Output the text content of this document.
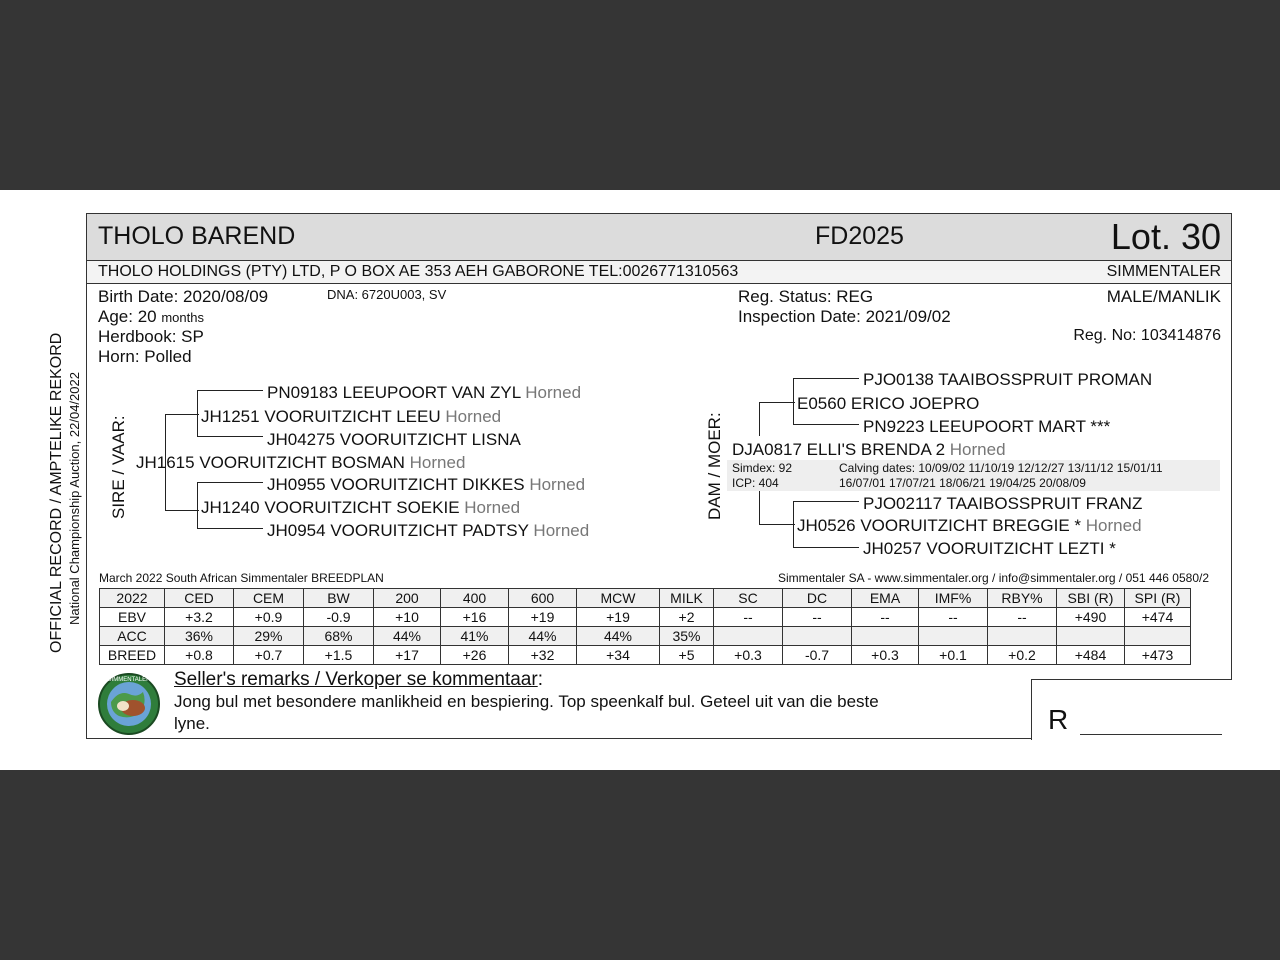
OFFICIAL RECORD / AMPTELIKE REKORD National Championship Auction, 22/04/2022
THOLO BAREND	FD2025	Lot. 30
THOLO HOLDINGS (PTY) LTD, P O BOX AE 353 AEH GABORONE TEL:0026771310563	SIMMENTALER
Birth Date: 2020/08/09	DNA: 6720U003, SV
Age: 20 months
Herdbook: SP
Horn: Polled
Reg. Status: REG
Inspection Date: 2021/09/02
MALE/MANLIK
Reg. No: 103414876
SIRE / VAAR:
PN09183 LEEUPOORT VAN ZYL Horned
JH1251 VOORUITZICHT LEEU Horned
JH04275 VOORUITZICHT LISNA
JH1615 VOORUITZICHT BOSMAN Horned
JH0955 VOORUITZICHT DIKKES Horned
JH1240 VOORUITZICHT SOEKIE Horned
JH0954 VOORUITZICHT PADTSY Horned
DAM / MOER:
PJO0138 TAAIBOSSPRUIT PROMAN
E0560 ERICO JOEPRO
PN9223 LEEUPOORT MART ***
DJA0817 ELLI'S BRENDA 2 Horned
Simdex: 92
ICP: 404
Calving dates: 10/09/02 11/10/19 12/12/27 13/11/12 15/01/11
16/07/01 17/07/21 18/06/21 19/04/25 20/08/09
PJO02117 TAAIBOSSPRUIT FRANZ
JH0526 VOORUITZICHT BREGGIE * Horned
JH0257 VOORUITZICHT LEZTI *
March 2022 South African Simmentaler BREEDPLAN	Simmentaler SA - www.simmentaler.org / info@simmentaler.org / 051 446 0580/2
2022	CED	CEM	BW	200	400	600	MCW	MILK	SC	DC	EMA	IMF%	RBY%	SBI (R)	SPI (R)
EBV	+3.2	+0.9	-0.9	+10	+16	+19	+19	+2	--	--	--	--	--	+490	+474
ACC	36%	29%	68%	44%	41%	44%	44%	35%							
BREED	+0.8	+0.7	+1.5	+17	+26	+32	+34	+5	+0.3	-0.7	+0.3	+0.1	+0.2	+484	+473
SIMMENTALER Seller's remarks / Verkoper se kommentaar:
Jong bul met besondere manlikheid en bespiering. Top speenkalf bul. Geteel uit van die beste
lyne.	R
